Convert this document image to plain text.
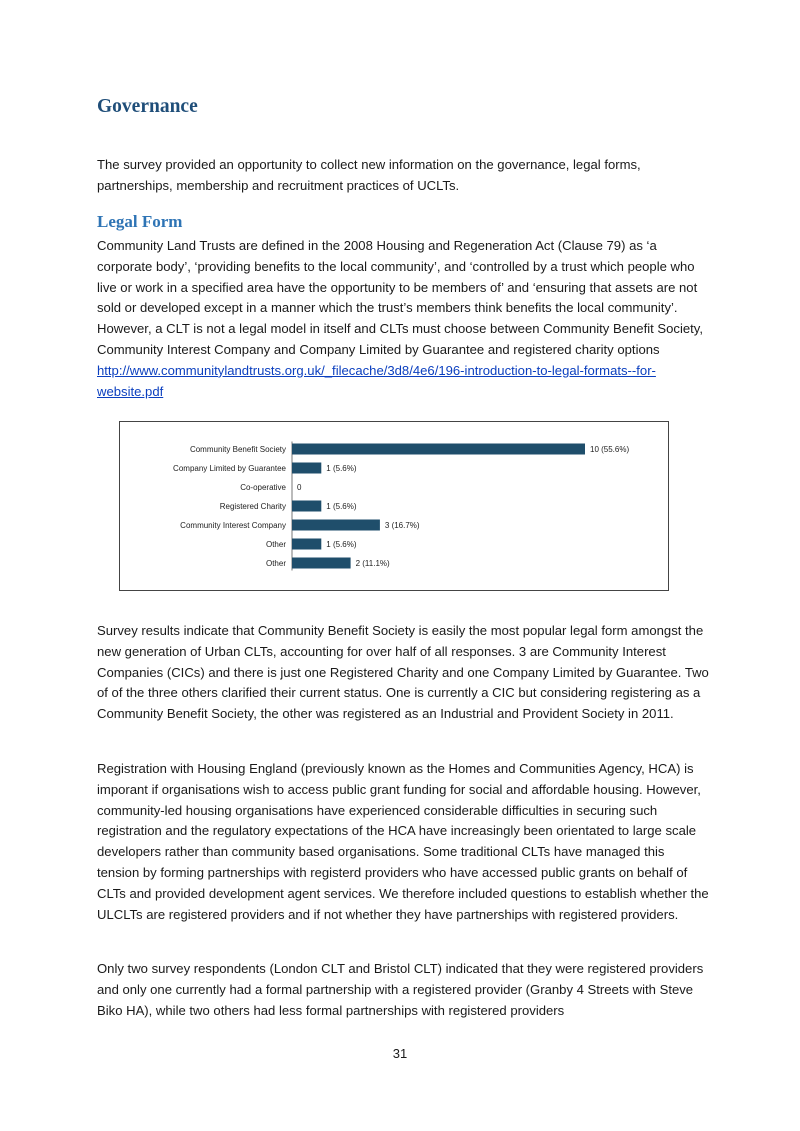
Governance

The survey provided an opportunity to collect new information on the governance, legal forms, partnerships, membership and recruitment practices of UCLTs.

Legal Form

Community Land Trusts are defined in the 2008 Housing and Regeneration Act (Clause 79) as ‘a corporate body’, ‘providing benefits to the local community’, and ‘controlled by a trust which people who live or work in a specified area have the opportunity to be members of’ and ‘ensuring that assets are not sold or developed except in a manner which the trust’s members think benefits the local community’. However, a CLT is not a legal model in itself and CLTs must choose between Community Benefit Society, Community Interest Company and Company Limited by Guarantee and registered charity options http://www.communitylandtrusts.org.uk/_filecache/3d8/4e6/196-introduction-to-legal-formats--for-website.pdf

Community Benefit Society	10 (55.6%)
Company Limited by Guarantee	1 (5.6%)
Co-operative 0
Registered Charity	1 (5.6%)
Community Interest Company	3 (16.7%)
Other	1 (5.6%)
Other	2 (11.1%)

Survey results indicate that Community Benefit Society is easily the most popular legal form amongst the new generation of Urban CLTs, accounting for over half of all responses. 3 are Community Interest Companies (CICs) and there is just one Registered Charity and one Company Limited by Guarantee. Two of of the three others clarified their current status. One is currently a CIC but considering registering as a Community Benefit Society, the other was registered as an Industrial and Provident Society in 2011.

Registration with Housing England (previously known as the Homes and Communities Agency, HCA) is imporant if organisations wish to access public grant funding for social and affordable housing. However, community-led housing organisations have experienced considerable difficulties in securing such registration and the regulatory expectations of the HCA have increasingly been orientated to large scale developers rather than community based organisations. Some traditional CLTs have managed this tension by forming partnerships with registerd providers who have accessed public grants on behalf of CLTs and provided development agent services. We therefore included questions to establish whether the ULCLTs are registered providers and if not whether they have partnerships with registered providers.

Only two survey respondents (London CLT and Bristol CLT) indicated that they were registered providers and only one currently had a formal partnership with a registered provider (Granby 4 Streets with Steve Biko HA), while two others had less formal partnerships with registered providers

31
